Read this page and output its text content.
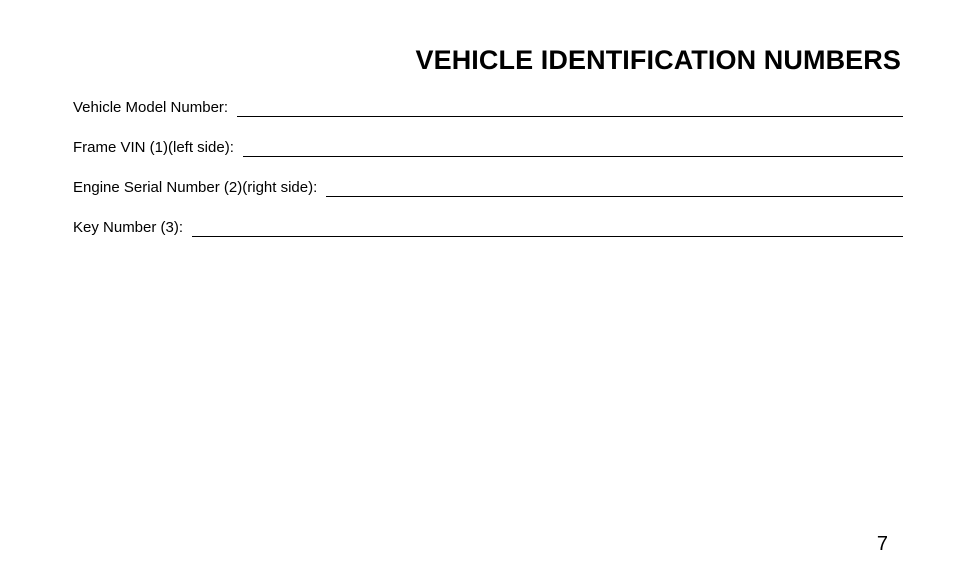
VEHICLE IDENTIFICATION NUMBERS
Vehicle Model Number:
Frame VIN (1)(left side):
Engine Serial Number (2)(right side):
Key Number (3):
7
